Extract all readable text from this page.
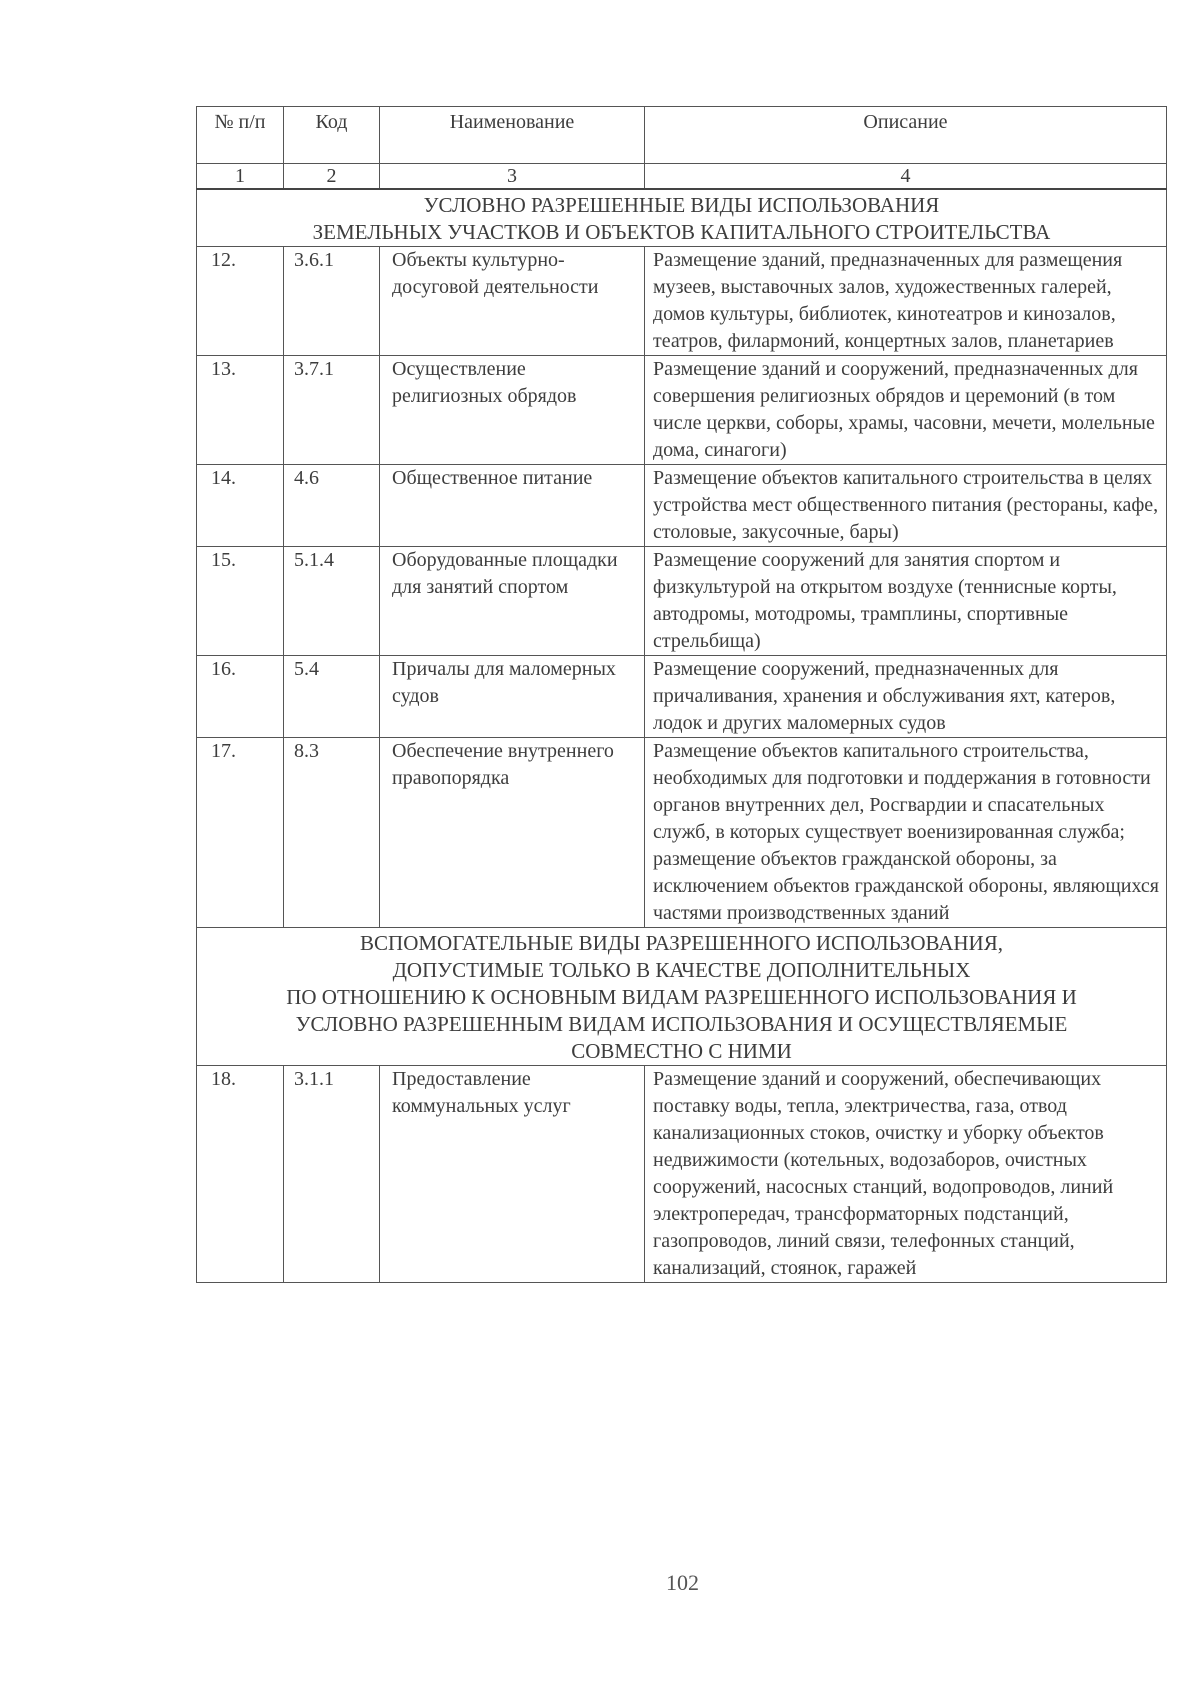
№ п/п	Код	Наименование	Описание
1	2	3	4

УСЛОВНО РАЗРЕШЕННЫЕ ВИДЫ ИСПОЛЬЗОВАНИЯ
ЗЕМЕЛЬНЫХ УЧАСТКОВ И ОБЪЕКТОВ КАПИТАЛЬНОГО СТРОИТЕЛЬСТВА			

12.	3.6.1	Объекты культурно-досуговой деятельности	Размещение зданий, предназначенных для размещения музеев, выставочных залов, художественных галерей, домов культуры, библиотек, кинотеатров и кинозалов, театров, филармоний, концертных залов, планетариев
13.	3.7.1	Осуществление религиозных обрядов	Размещение зданий и сооружений, предназначенных для совершения религиозных обрядов и церемоний (в том числе церкви, соборы, храмы, часовни, мечети, молельные дома, синагоги)
14.	4.6	Общественное питание	Размещение объектов капитального строительства в целях устройства мест общественного питания (рестораны, кафе, столовые, закусочные, бары)
15.	5.1.4	Оборудованные площадки для занятий спортом	Размещение сооружений для занятия спортом и физкультурой на открытом воздухе (теннисные корты, автодромы, мотодромы, трамплины, спортивные стрельбища)
16.	5.4	Причалы для маломерных судов	Размещение сооружений, предназначенных для причаливания, хранения и обслуживания яхт, катеров, лодок и других маломерных судов
17.	8.3	Обеспечение внутреннего правопорядка	Размещение объектов капитального строительства, необходимых для подготовки и поддержания в готовности органов внутренних дел, Росгвардии и спасательных служб, в которых существует военизированная служба; размещение объектов гражданской обороны, за исключением объектов гражданской обороны, являющихся частями производственных зданий

ВСПОМОГАТЕЛЬНЫЕ ВИДЫ РАЗРЕШЕННОГО ИСПОЛЬЗОВАНИЯ,
ДОПУСТИМЫЕ ТОЛЬКО В КАЧЕСТВЕ ДОПОЛНИТЕЛЬНЫХ
ПО ОТНОШЕНИЮ К ОСНОВНЫМ ВИДАМ РАЗРЕШЕННОГО ИСПОЛЬЗОВАНИЯ И
УСЛОВНО РАЗРЕШЕННЫМ ВИДАМ ИСПОЛЬЗОВАНИЯ И ОСУЩЕСТВЛЯЕМЫЕ
СОВМЕСТНО С НИМИ			

18.	3.1.1	Предоставление коммунальных услуг	Размещение зданий и сооружений, обеспечивающих поставку воды, тепла, электричества, газа, отвод канализационных стоков, очистку и уборку объектов недвижимости (котельных, водозаборов, очистных сооружений, насосных станций, водопроводов, линий электропередач, трансформаторных подстанций, газопроводов, линий связи, телефонных станций, канализаций, стоянок, гаражей
102
